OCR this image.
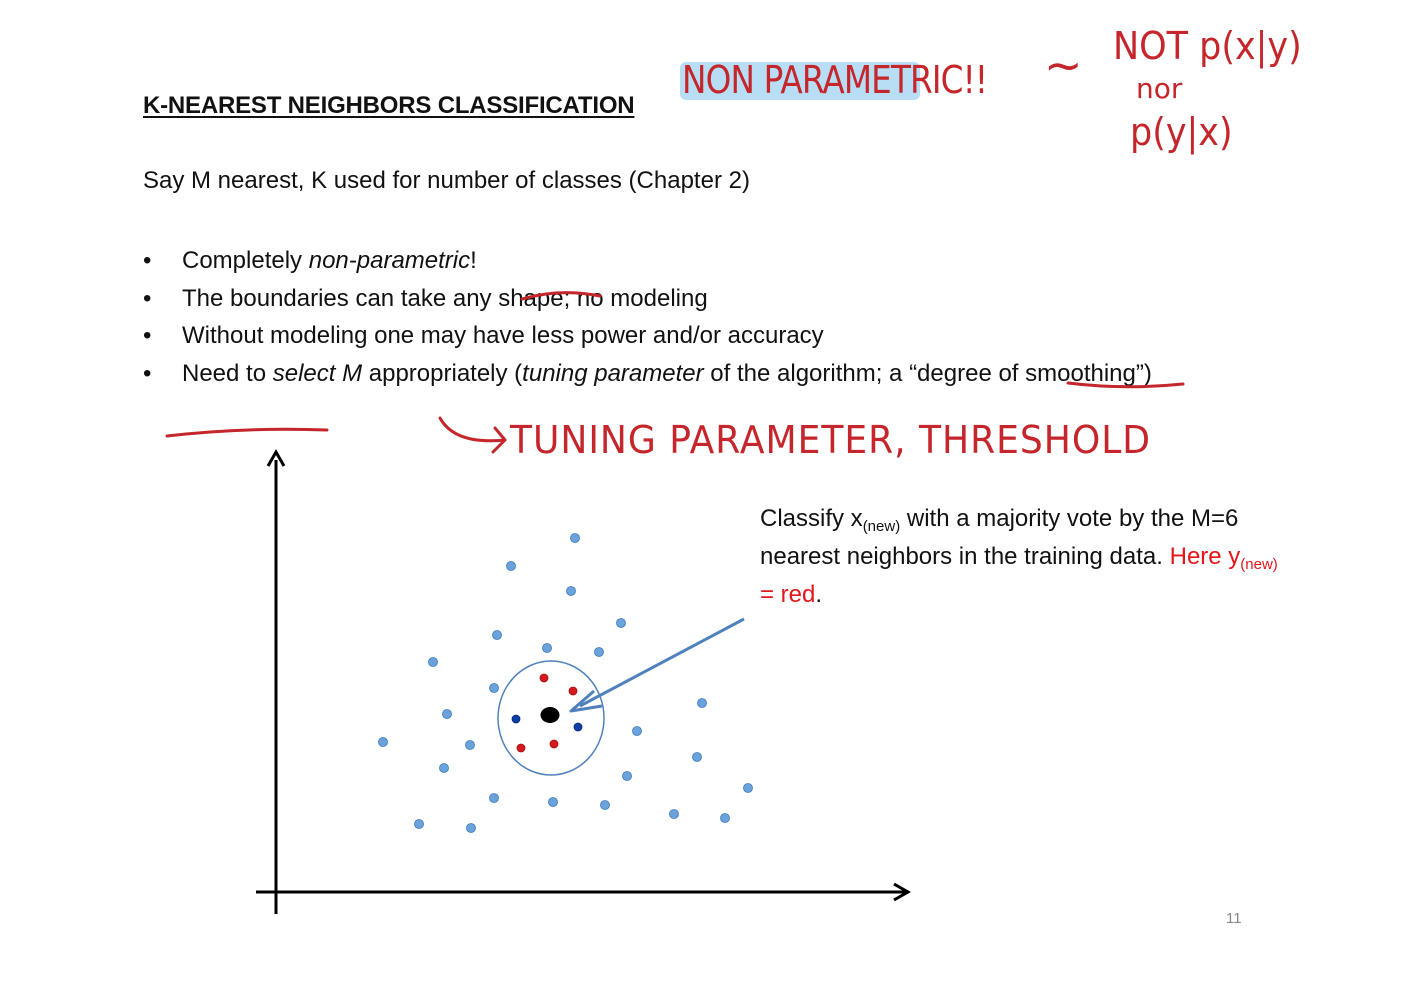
K-NEAREST NEIGHBORS CLASSIFICATION
Say M nearest, K used for number of classes (Chapter 2)
• Completely non-parametric!
• The boundaries can take any shape; no modeling
• Without modeling one may have less power and/or accuracy
• Need to select M appropriately (tuning parameter of the algorithm; a “degree of smoothing”)
Classify $x_{(new)}$ with a majority vote by the M=6 nearest neighbors in the training data. Here $y_{(new)}$ = red.
11
NON PARAMETRIC!! ~ NOT p(x|y)
nor
p(y|x)
TUNING PARAMETER, THRESHOLD
